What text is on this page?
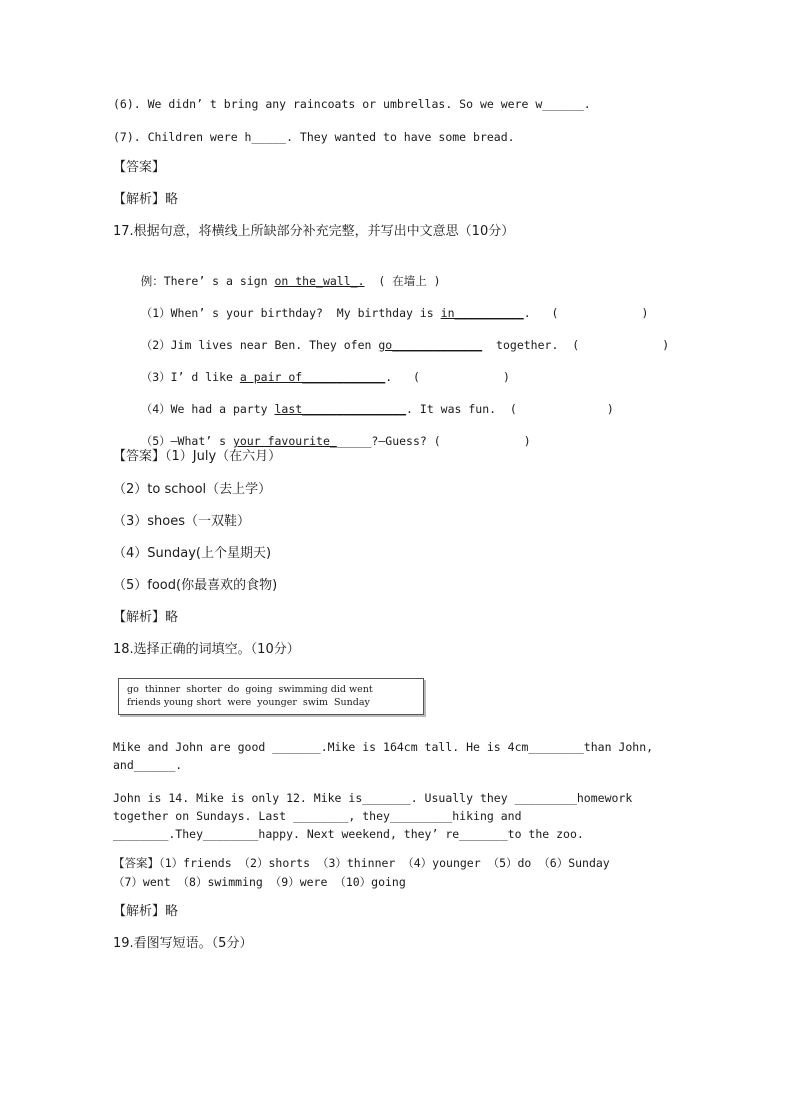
(6). We didn’ t bring any raincoats or umbrellas. So we were w______.
(7). Children were h_____. They wanted to have some bread.
【答案】
【解析】略
17.根据句意，将横线上所缺部分补充完整，并写出中文意思（10分）

例：There’ s a sign on the_wall_.  ( 在墙上 )

（1）When’ s your birthday?  My birthday is in__________.   (            )

（2）Jim lives near Ben. They ofen go_____________  together.  (            )

（3）I’ d like a pair of____________.   (            )

（4）We had a party last_______________. It was fun.  (             )

（5）—What’ s your favourite______?—Guess? (            )

【答案】（1）July（在六月）
（2）to school（去上学）
（3）shoes（一双鞋）
（4）Sunday(上个星期天)
（5）food(你最喜欢的食物)
【解析】略
18.选择正确的词填空。（10分）
go  thinner  shorter  do  going  swimming did went
friends young short  were  younger  swim  Sunday
Mike and John are good _______.Mike is 164cm tall. He is 4cm________than John,
and______.
John is 14. Mike is only 12. Mike is_______. Usually they _________homework
together on Sundays. Last ________, they_________hiking and
________.They________happy. Next weekend, they’ re_______to the zoo.
【答案】（1）friends （2）shorts （3）thinner （4）younger （5）do （6）Sunday
（7）went （8）swimming （9）were （10）going
【解析】略
19.看图写短语。（5分）
